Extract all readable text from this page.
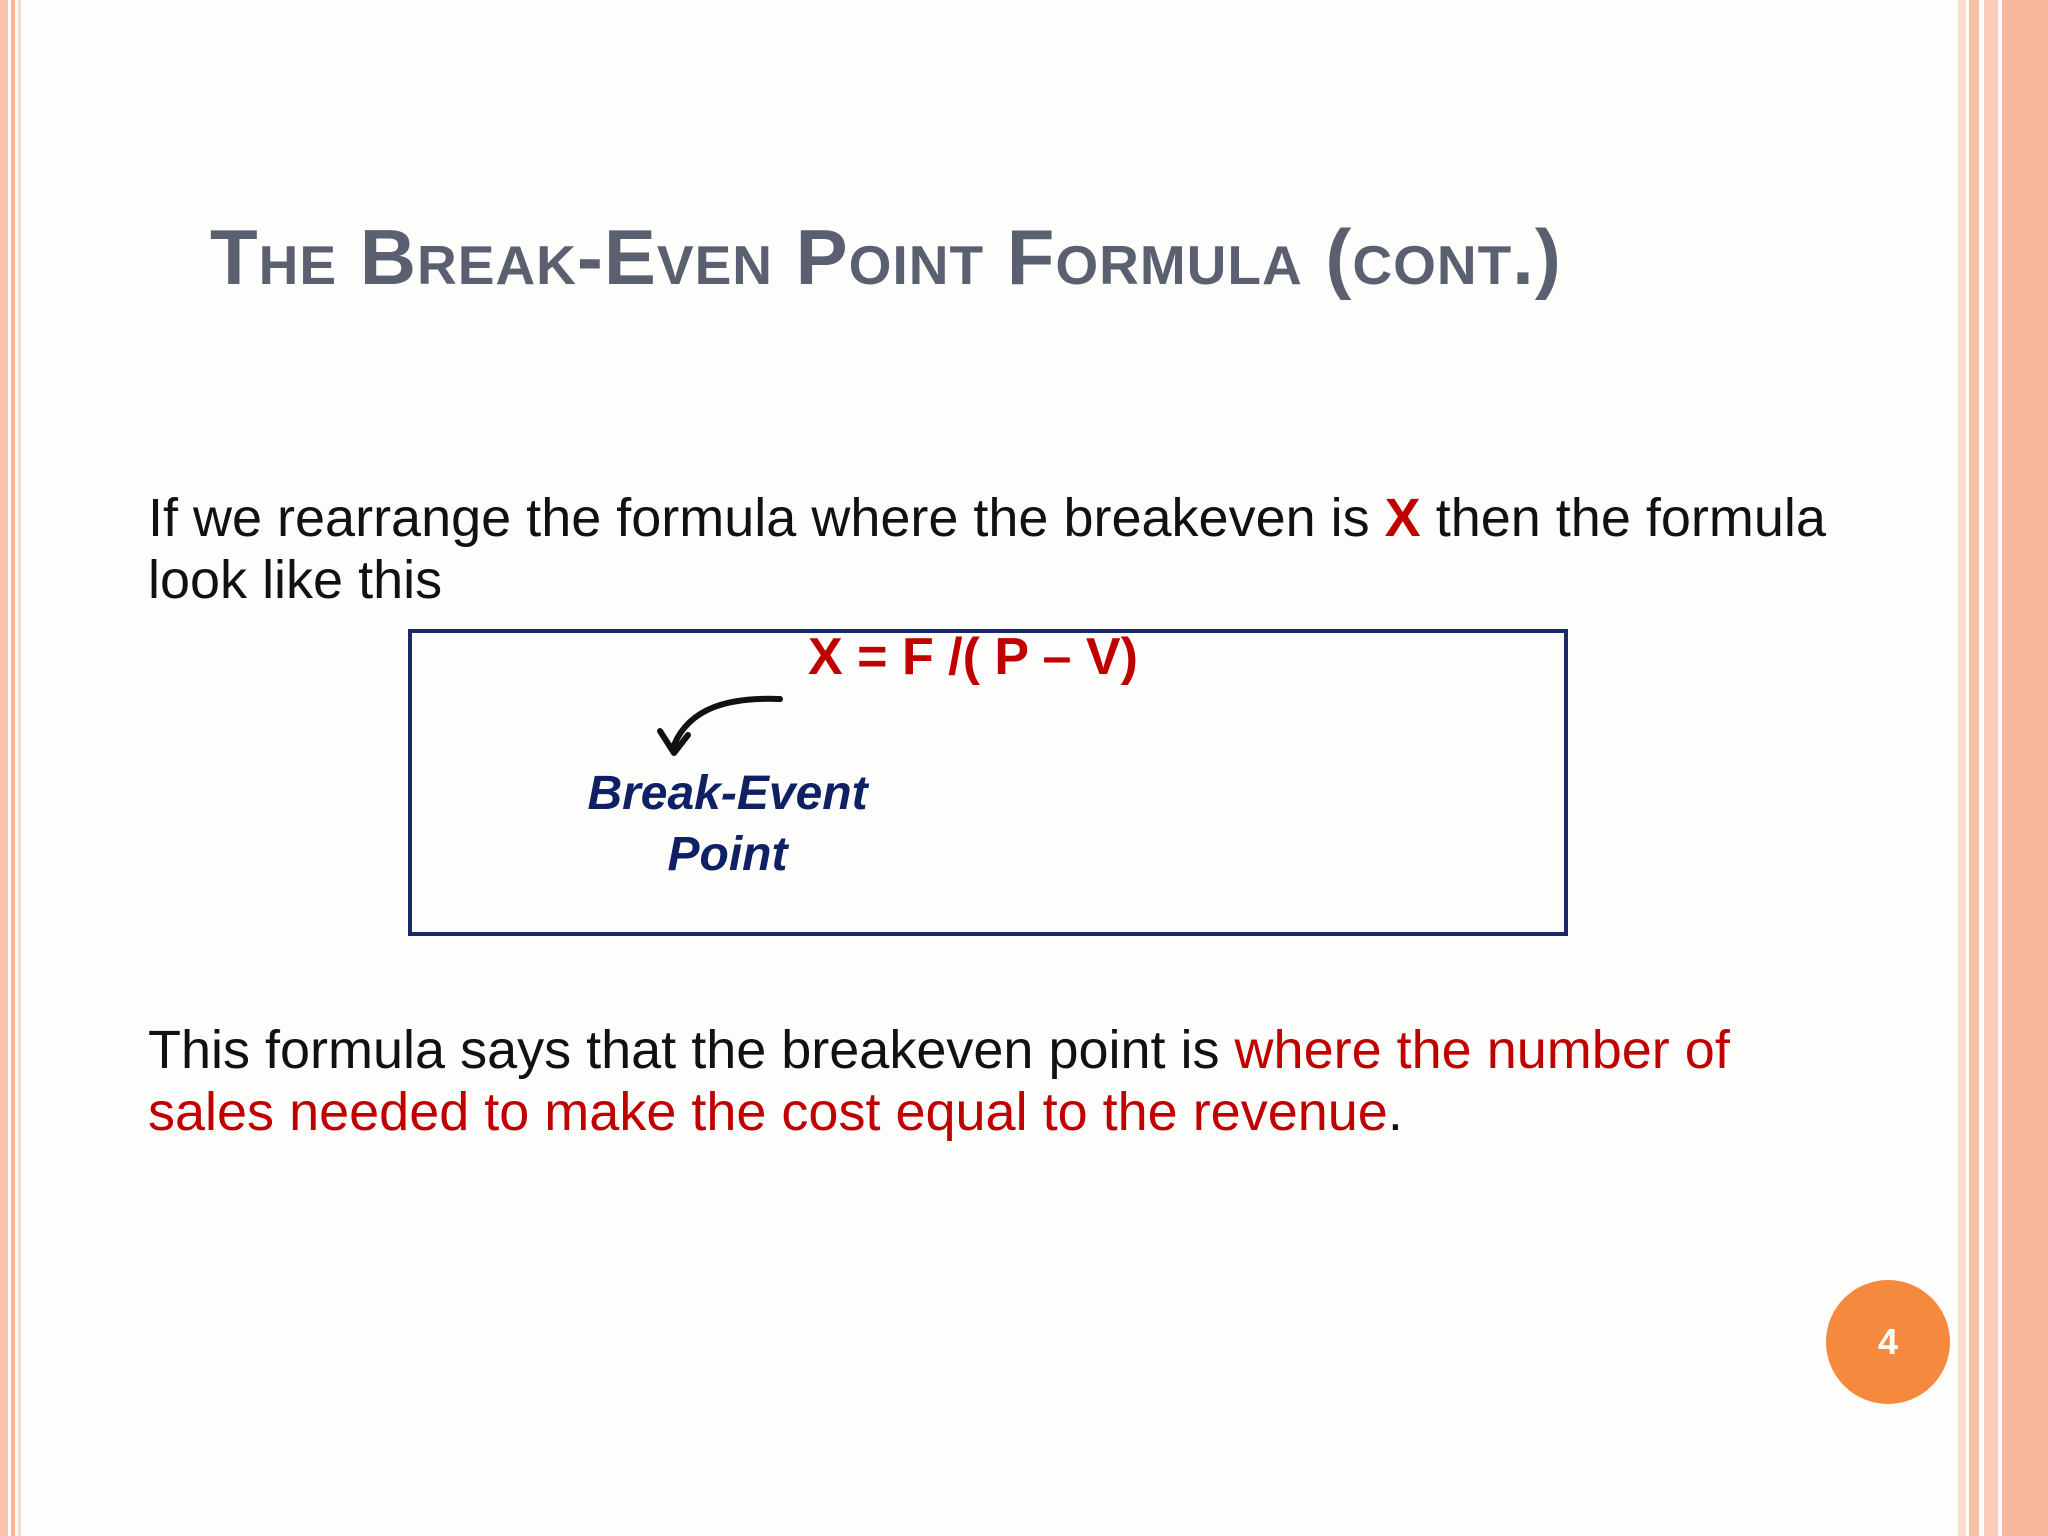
The Break-Even Point Formula (cont.)

If we rearrange the formula where the breakeven is X then the formula look like this

X = F /( P – V)
Break-Event Point

This formula says that the breakeven point is where the number of sales needed to make the cost equal to the revenue.

4
